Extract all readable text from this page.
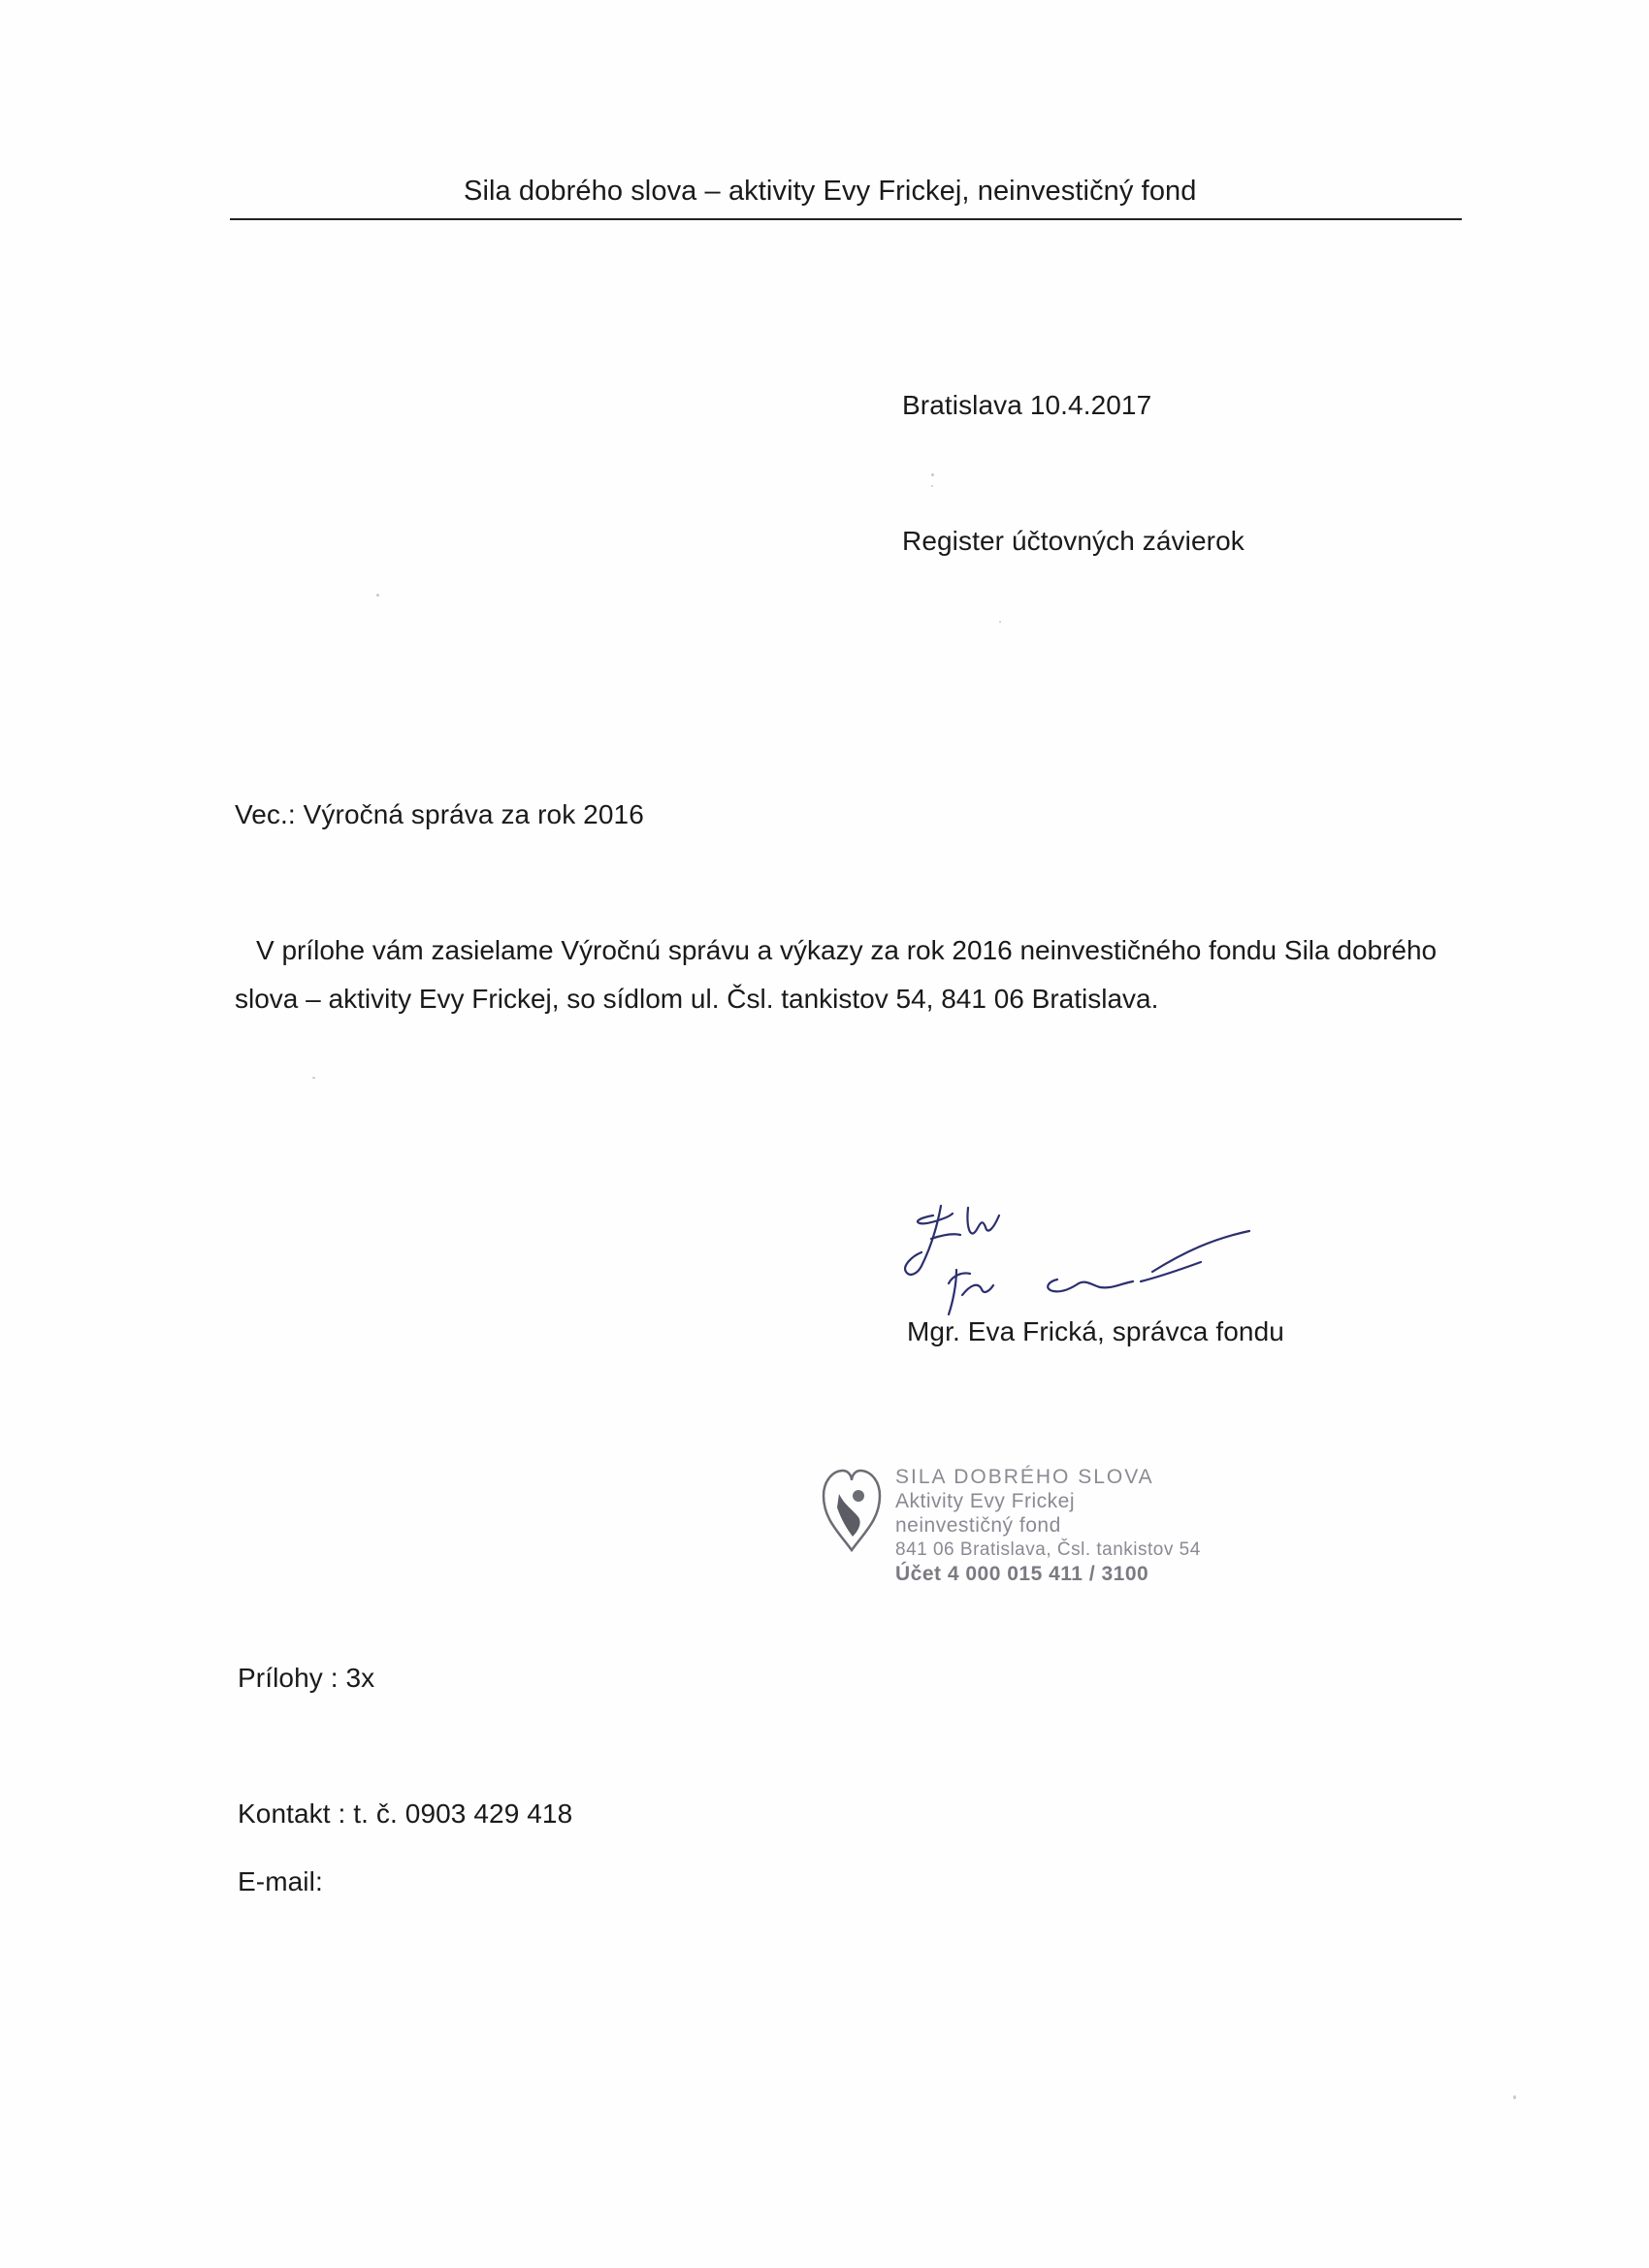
Sila dobrého slova – aktivity Evy Frickej, neinvestičný fond
Bratislava 10.4.2017
Register účtovných závierok
Vec.: Výročná správa za rok 2016
V prílohe vám zasielame Výročnú správu a výkazy za rok 2016 neinvestičného fondu Sila dobrého slova – aktivity Evy Frickej, so sídlom ul. Čsl. tankistov 54, 841 06 Bratislava.
Mgr. Eva Frická, správca fondu
SILA DOBRÉHO SLOVA
Aktivity Evy Frickej
neinvestičný fond
841 06 Bratislava, Čsl. tankistov 54
Účet 4 000 015 411 / 3100
Prílohy : 3x
Kontakt : t. č. 0903 429 418
E-mail:
